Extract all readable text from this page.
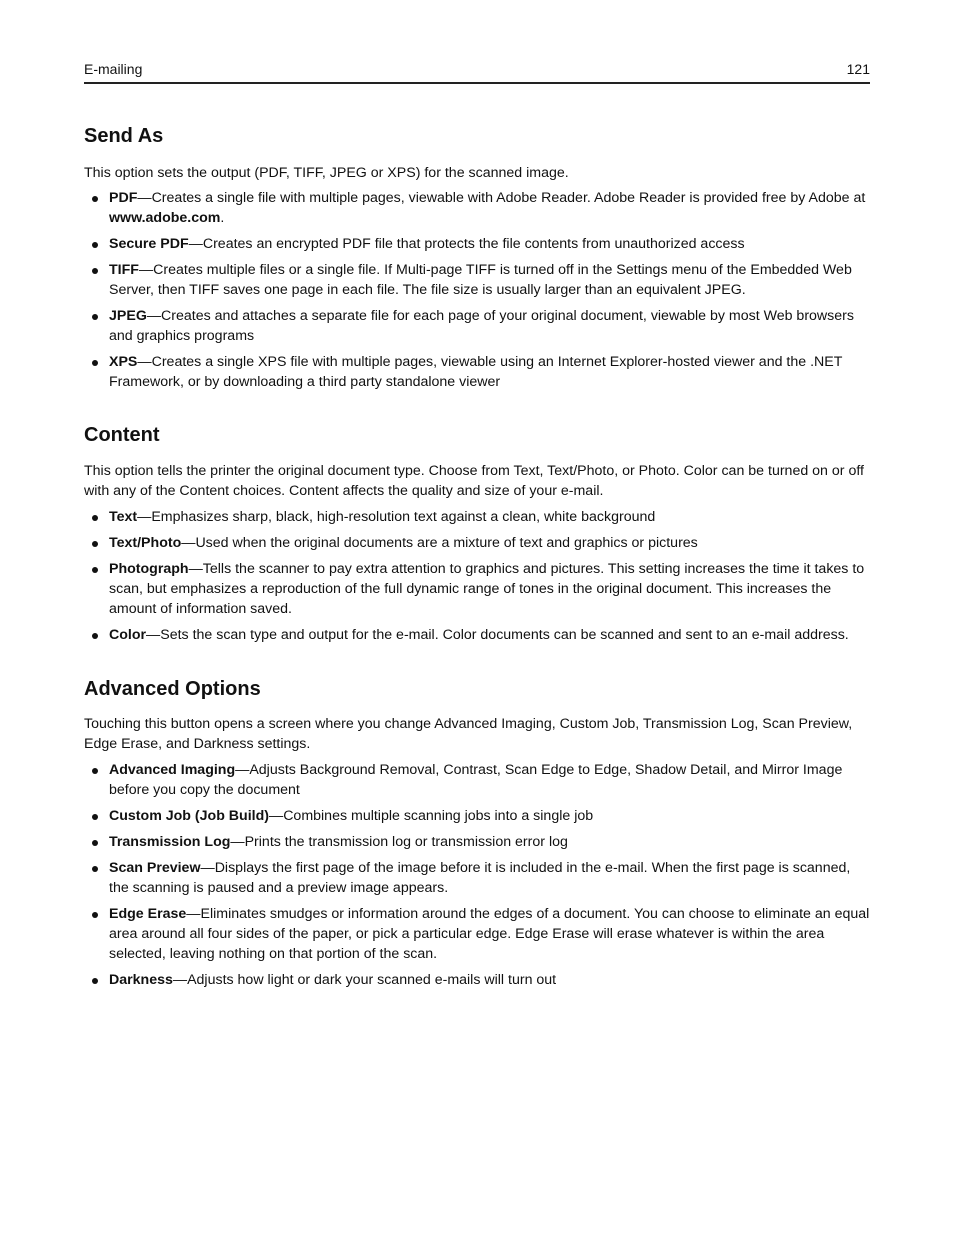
E-mailing	121
Send As

This option sets the output (PDF, TIFF, JPEG or XPS) for the scanned image.

PDF—Creates a single file with multiple pages, viewable with Adobe Reader. Adobe Reader is provided free by Adobe at www.adobe.com.
Secure PDF—Creates an encrypted PDF file that protects the file contents from unauthorized access
TIFF—Creates multiple files or a single file. If Multi-page TIFF is turned off in the Settings menu of the Embedded Web Server, then TIFF saves one page in each file. The file size is usually larger than an equivalent JPEG.
JPEG—Creates and attaches a separate file for each page of your original document, viewable by most Web browsers and graphics programs
XPS—Creates a single XPS file with multiple pages, viewable using an Internet Explorer-hosted viewer and the .NET Framework, or by downloading a third party standalone viewer
Content

This option tells the printer the original document type. Choose from Text, Text/Photo, or Photo. Color can be turned on or off with any of the Content choices. Content affects the quality and size of your e-mail.

Text—Emphasizes sharp, black, high-resolution text against a clean, white background
Text/Photo—Used when the original documents are a mixture of text and graphics or pictures
Photograph—Tells the scanner to pay extra attention to graphics and pictures. This setting increases the time it takes to scan, but emphasizes a reproduction of the full dynamic range of tones in the original document. This increases the amount of information saved.
Color—Sets the scan type and output for the e-mail. Color documents can be scanned and sent to an e-mail address.
Advanced Options

Touching this button opens a screen where you change Advanced Imaging, Custom Job, Transmission Log, Scan Preview, Edge Erase, and Darkness settings.

Advanced Imaging—Adjusts Background Removal, Contrast, Scan Edge to Edge, Shadow Detail, and Mirror Image before you copy the document
Custom Job (Job Build)—Combines multiple scanning jobs into a single job
Transmission Log—Prints the transmission log or transmission error log
Scan Preview—Displays the first page of the image before it is included in the e-mail. When the first page is scanned, the scanning is paused and a preview image appears.
Edge Erase—Eliminates smudges or information around the edges of a document. You can choose to eliminate an equal area around all four sides of the paper, or pick a particular edge. Edge Erase will erase whatever is within the area selected, leaving nothing on that portion of the scan.
Darkness—Adjusts how light or dark your scanned e-mails will turn out
